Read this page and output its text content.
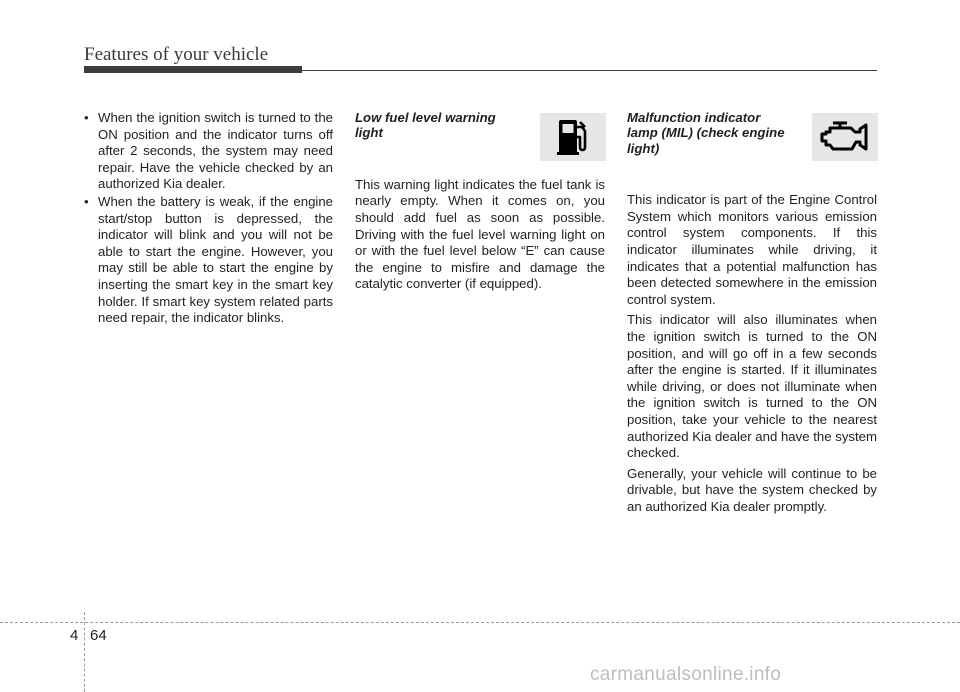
Features of your vehicle
• When the ignition switch is turned to the ON position and the indicator turns off after 2 seconds, the system may need repair. Have the vehicle checked by an authorized Kia dealer.
• When the battery is weak, if the engine start/stop button is depressed, the indicator will blink and you will not be able to start the engine. However, you may still be able to start the engine by inserting the smart key in the smart key holder. If smart key system related parts need repair, the indicator blinks.
Low fuel level warning light

This warning light indicates the fuel tank is nearly empty. When it comes on, you should add fuel as soon as possible. Driving with the fuel level warning light on or with the fuel level below “E” can cause the engine to misfire and damage the catalytic converter (if equipped).

Malfunction indicator lamp (MIL) (check engine light)

This indicator is part of the Engine Control System which monitors various emission control system components. If this indicator illuminates while driving, it indicates that a potential malfunction has been detected somewhere in the emission control system.

This indicator will also illuminates when the ignition switch is turned to the ON position, and will go off in a few seconds after the engine is started. If it illuminates while driving, or does not illuminate when the ignition switch is turned to the ON position, take your vehicle to the nearest authorized Kia dealer and have the system checked.

Generally, your vehicle will continue to be drivable, but have the system checked by an authorized Kia dealer promptly.

4 64
carmanualsonline.info
